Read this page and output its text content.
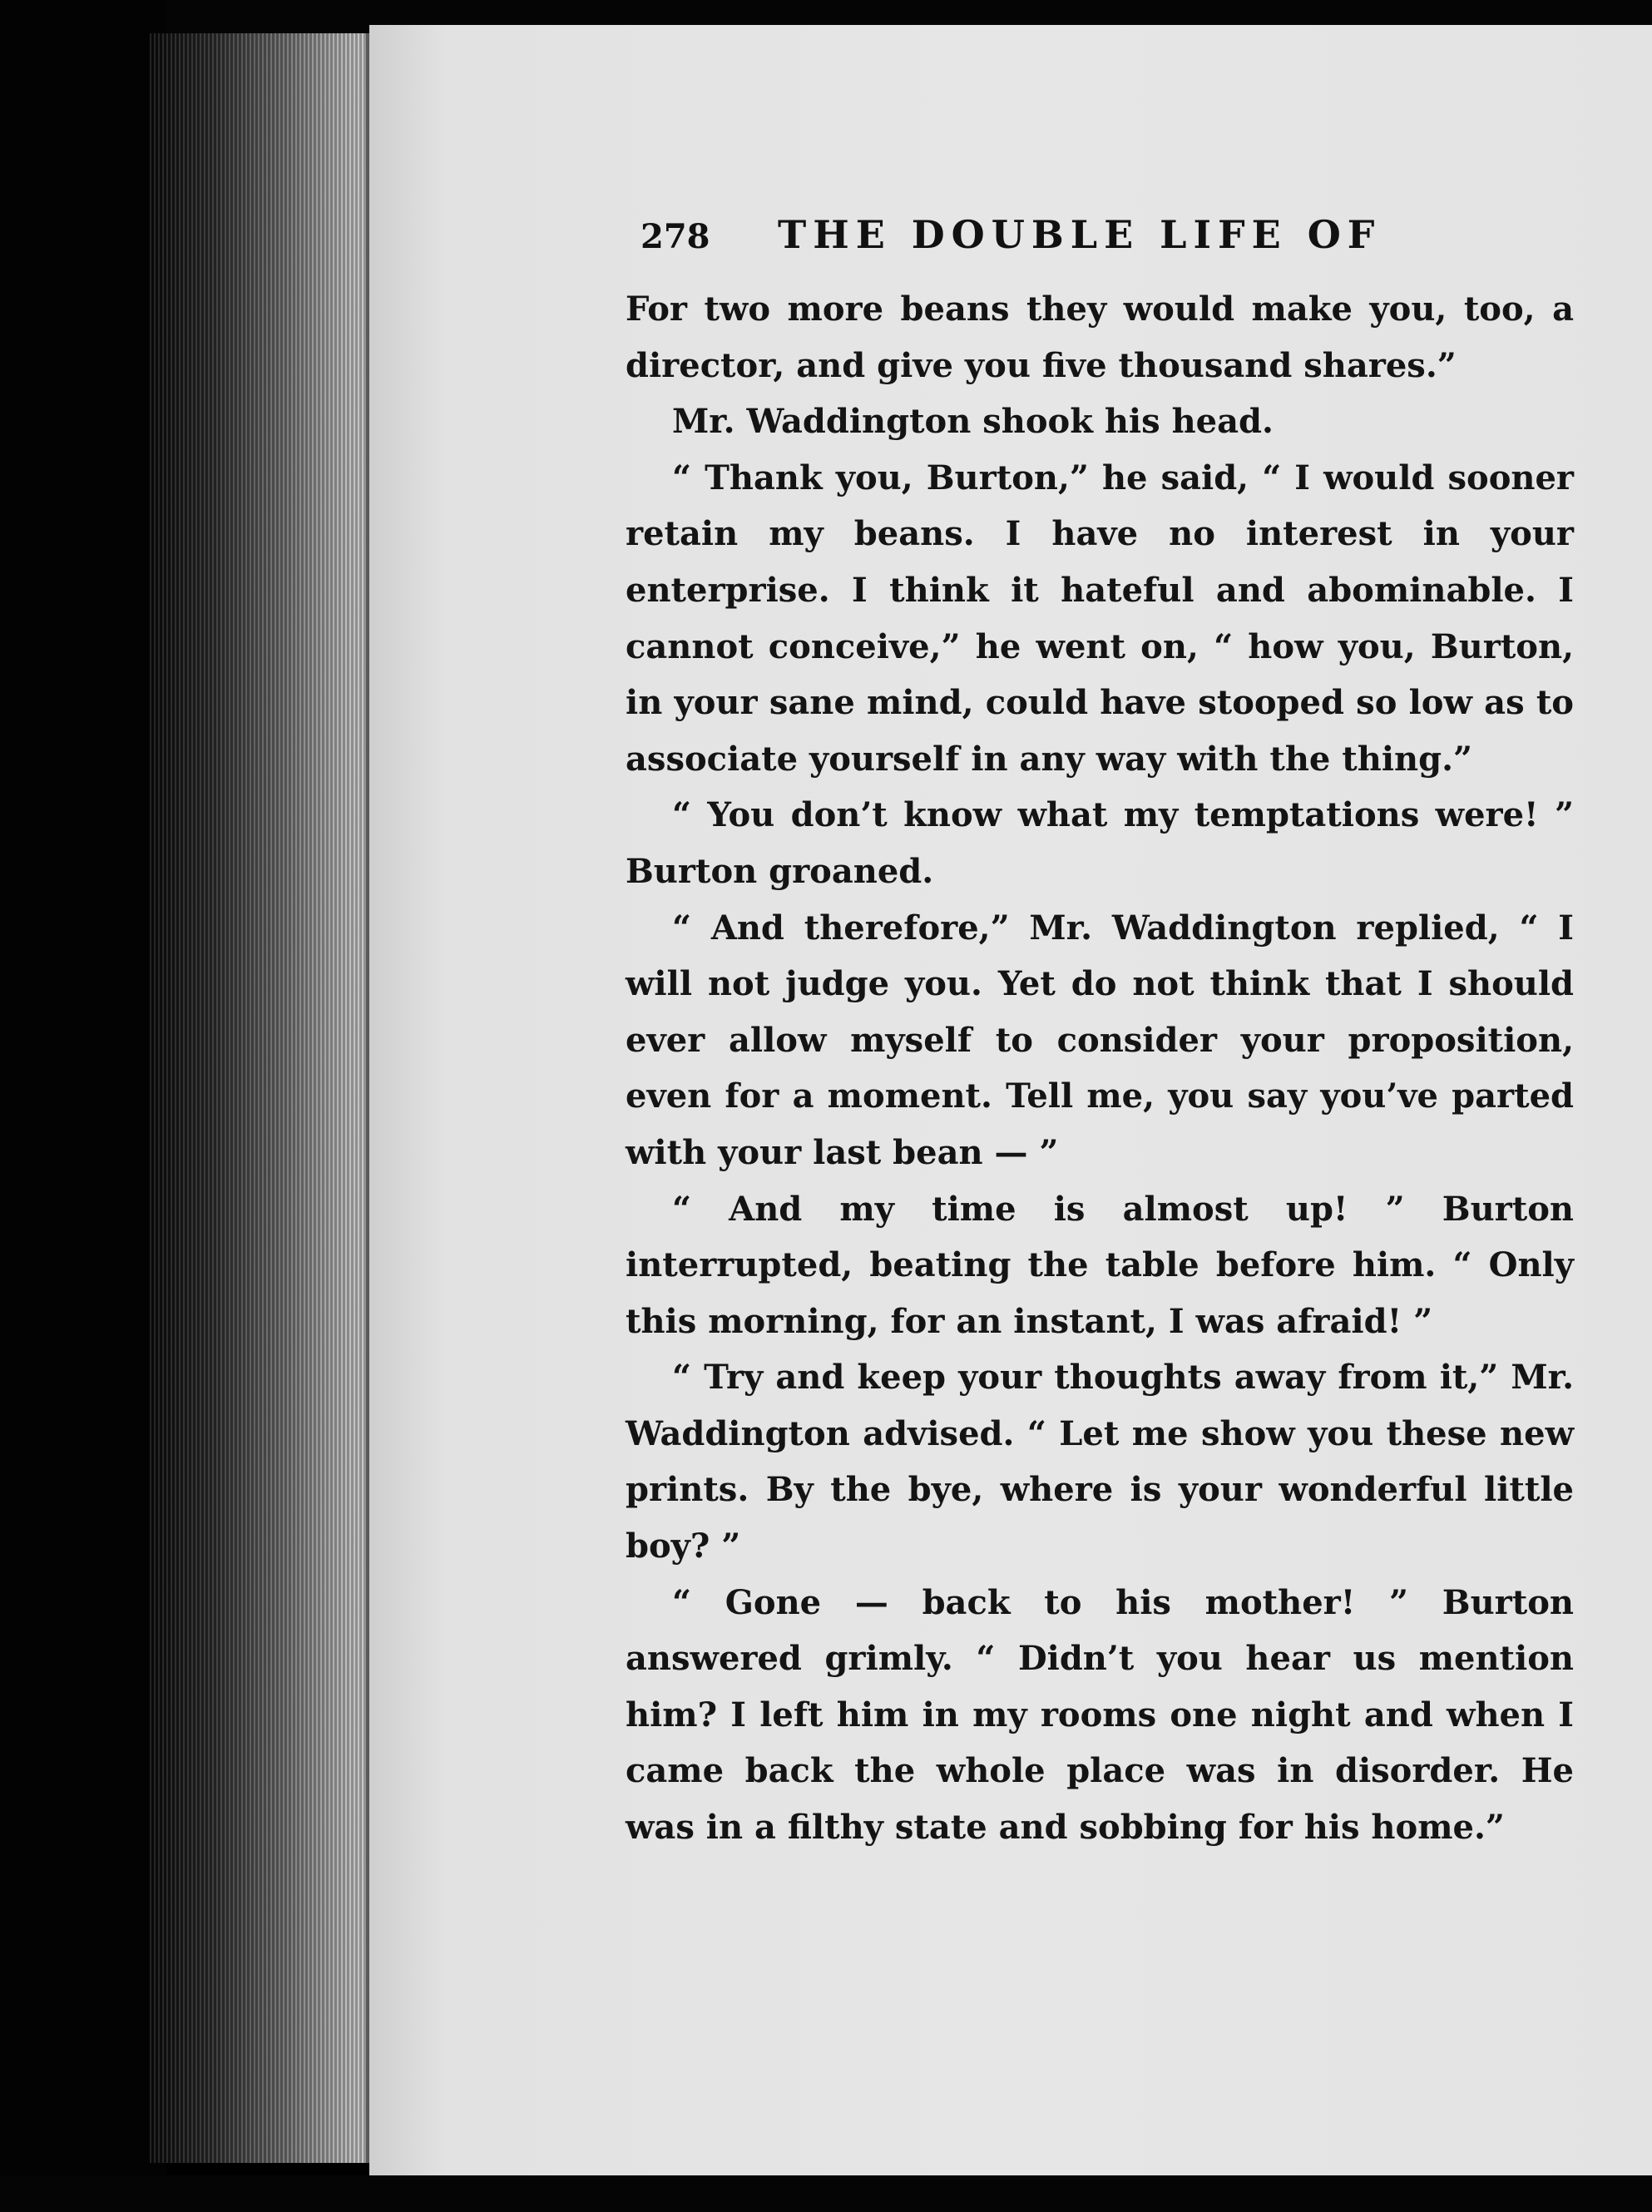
278 THE DOUBLE LIFE OF

For two more beans they would make you, too, a director, and give you five thousand shares.”

Mr. Waddington shook his head.

“ Thank you, Burton,” he said, “ I would sooner retain my beans. I have no interest in your enterprise. I think it hateful and abominable. I cannot conceive,” he went on, “ how you, Burton, in your sane mind, could have stooped so low as to associate yourself in any way with the thing.”

“ You don’t know what my temptations were! ” Burton groaned.

“ And therefore,” Mr. Waddington replied, “ I will not judge you. Yet do not think that I should ever allow myself to consider your proposition, even for a moment. Tell me, you say you’ve parted with your last bean — ”

“ And my time is almost up! ” Burton interrupted, beating the table before him. “ Only this morning, for an instant, I was afraid! ”

“ Try and keep your thoughts away from it,” Mr. Waddington advised. “ Let me show you these new prints. By the bye, where is your wonderful little boy? ”

“ Gone — back to his mother! ” Burton answered grimly. “ Didn’t you hear us mention him? I left him in my rooms one night and when I came back the whole place was in disorder. He was in a filthy state and sobbing for his home.”
